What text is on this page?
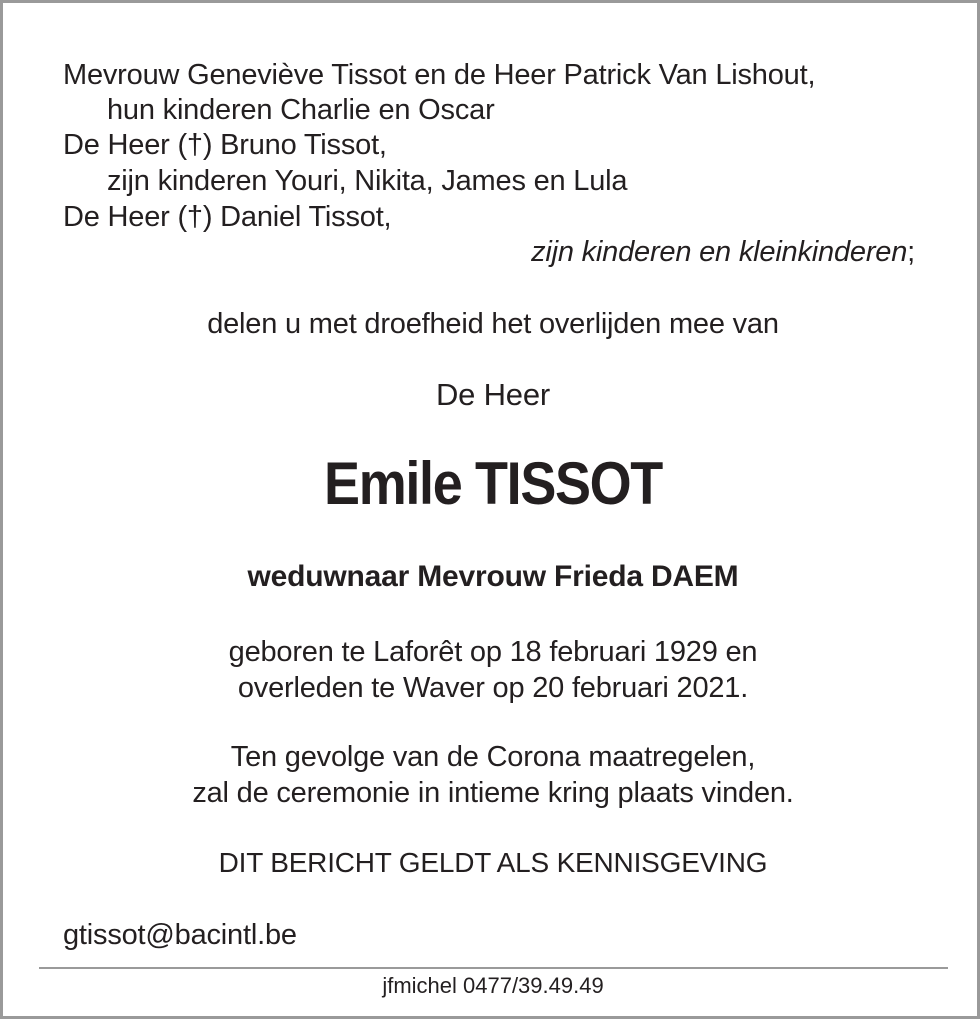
Mevrouw Geneviève Tissot en de Heer Patrick Van Lishout,
hun kinderen Charlie en Oscar
De Heer (†) Bruno Tissot,
zijn kinderen Youri, Nikita, James en Lula
De Heer (†) Daniel Tissot,
zijn kinderen en kleinkinderen;
delen u met droefheid het overlijden mee van
De Heer
Emile TISSOT
weduwnaar Mevrouw Frieda DAEM
geboren te Laforêt op 18 februari 1929 en
overleden te Waver op 20 februari 2021.
Ten gevolge van de Corona maatregelen,
zal de ceremonie in intieme kring plaats vinden.
DIT BERICHT GELDT ALS KENNISGEVING
gtissot@bacintl.be
jfmichel 0477/39.49.49
